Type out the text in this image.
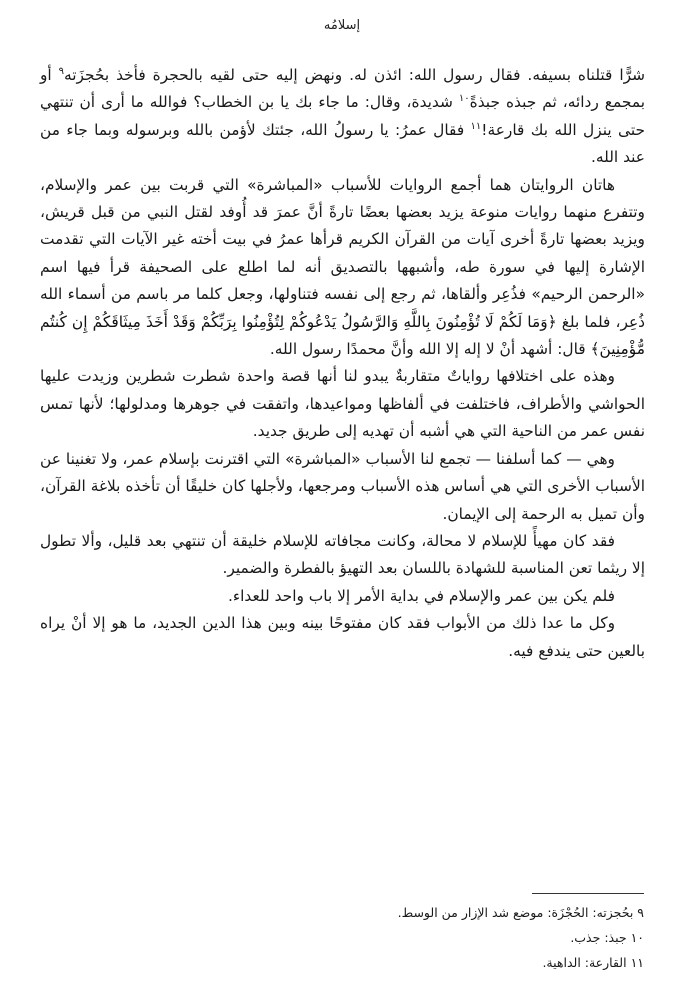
إسلامُه

شرًّا قتلناه بسيفه. فقال رسول الله: ائذن له. ونهض إليه حتى لقيه بالحجرة فأخذ بحُجزَته$^٩$ أو بمجمع ردائه، ثم جبذه جبذةً$^{١٠}$ شديدة، وقال: ما جاء بك يا بن الخطاب؟ فوالله ما أرى أن تنتهي حتى ينزل الله بك قارعة!$^{١١}$ فقال عمرُ: يا رسولُ الله، جئتك لأؤمن بالله وبرسوله وبما جاء من عند الله.

هاتان الروايتان هما أجمع الروايات للأسباب «المباشرة» التي قربت بين عمر والإسلام، وتتفرع منهما روايات منوعة يزيد بعضها بعضًا تارةً أنَّ عمرَ قد أُوفد لقتل النبي من قبل قريش، ويزيد بعضها تارةً أخرى آيات من القرآن الكريم قرأها عمرُ في بيت أخته غير الآيات التي تقدمت الإشارة إليها في سورة طه، وأشبهها بالتصديق أنه لما اطلع على الصحيفة قرأ فيها اسم «الرحمن الرحيم» فذُعِر وألقاها، ثم رجع إلى نفسه فتناولها، وجعل كلما مر باسم من أسماء الله ذُعِر، فلما بلغ ﴿وَمَا لَكُمْ لَا تُؤْمِنُونَ بِاللَّهِ وَالرَّسُولُ يَدْعُوكُمْ لِتُؤْمِنُوا بِرَبِّكُمْ وَقَدْ أَخَذَ مِيثَاقَكُمْ إِن كُنتُم مُّؤْمِنِينَ﴾ قال: أشهد أنْ لا إله إلا الله وأنَّ محمدًا رسول الله.

وهذه على اختلافها رواياتٌ متقاربةٌ يبدو لنا أنها قصة واحدة شطرت شطرين وزيدت عليها الحواشي والأطراف، فاختلفت في ألفاظها ومواعيدها، واتفقت في جوهرها ومدلولها؛ لأنها تمس نفس عمر من الناحية التي هي أشبه أن تهديه إلى طريق جديد.

وهي — كما أسلفنا — تجمع لنا الأسباب «المباشرة» التي اقترنت بإسلام عمر، ولا تغنينا عن الأسباب الأخرى التي هي أساس هذه الأسباب ومرجعها، ولأجلها كان خليقًا أن تأخذه بلاغة القرآن، وأن تميل به الرحمة إلى الإيمان.

فقد كان مهيأً للإسلام لا محالة، وكانت مجافاته للإسلام خليقة أن تنتهي بعد قليل، وألا تطول إلا ريثما تعن المناسبة للشهادة باللسان بعد التهيؤ بالفطرة والضمير.

فلم يكن بين عمر والإسلام في بداية الأمر إلا باب واحد للعداء.

وكل ما عدا ذلك من الأبواب فقد كان مفتوحًا بينه وبين هذا الدين الجديد، ما هو إلا أنْ يراه بالعين حتى يندفع فيه.

٩ بحُجزته: الحُجْزَة: موضع شد الإزار من الوسط.
١٠ جبذ: جذب.
١١ القارعة: الداهية.
